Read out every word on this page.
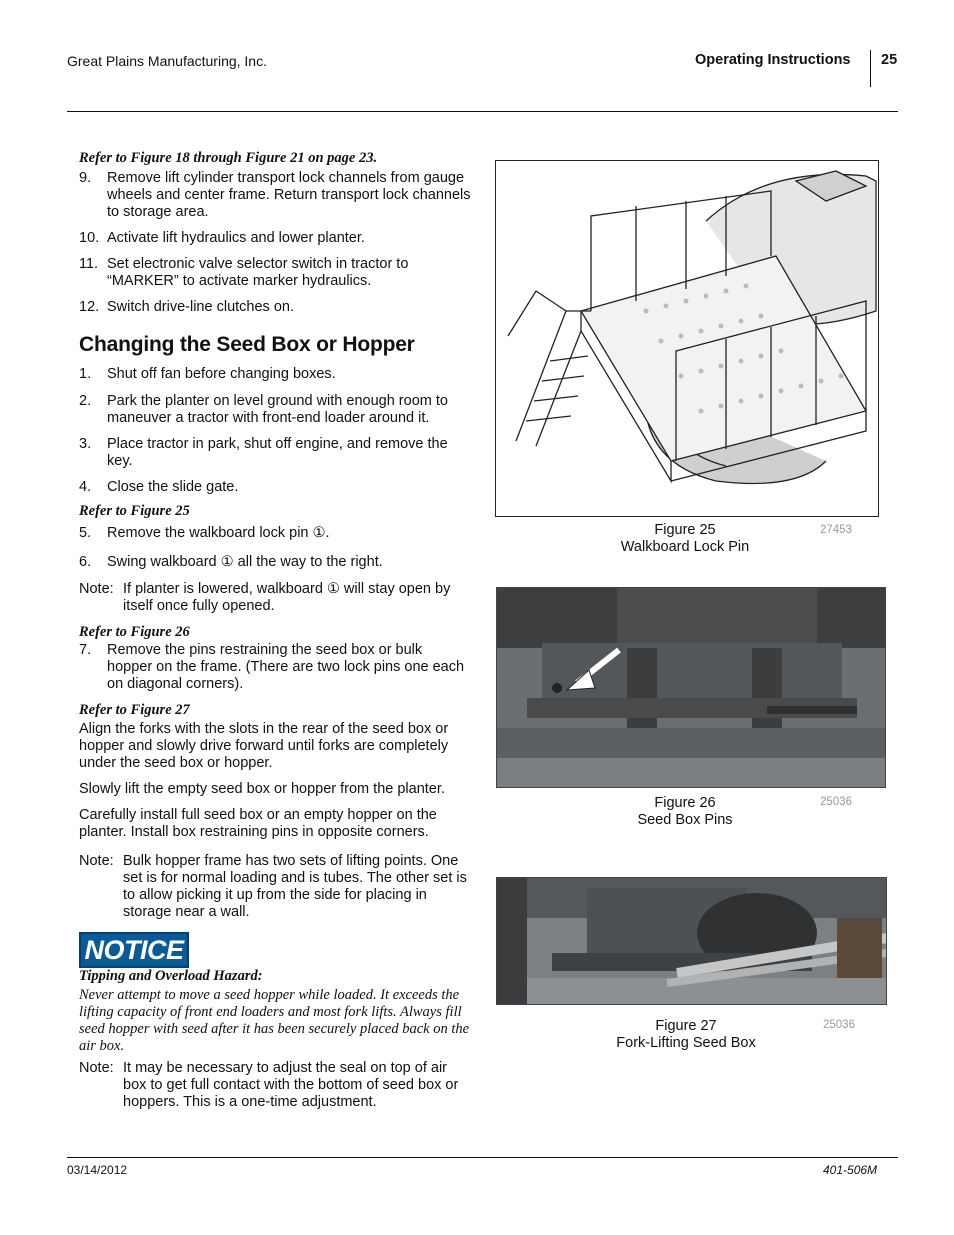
Great Plains Manufacturing, Inc.	Operating Instructions 25
Refer to Figure 18 through Figure 21 on page 23.
9.	Remove lift cylinder transport lock channels from gauge wheels and center frame. Return transport lock channels to storage area.
10. Activate lift hydraulics and lower planter.
11. Set electronic valve selector switch in tractor to “MARKER” to activate marker hydraulics.
12. Switch drive-line clutches on.
Changing the Seed Box or Hopper
1.	Shut off fan before changing boxes.
2.	Park the planter on level ground with enough room to maneuver a tractor with front-end loader around it.
3.	Place tractor in park, shut off engine, and remove the key.
4.	Close the slide gate.
Refer to Figure 25
5.	Remove the walkboard lock pin ①.
6.	Swing walkboard ① all the way to the right.
Note: If planter is lowered, walkboard ① will stay open by itself once fully opened.
Refer to Figure 26
7.	Remove the pins restraining the seed box or bulk hopper on the frame. (There are two lock pins one each on diagonal corners).
Refer to Figure 27
Align the forks with the slots in the rear of the seed box or hopper and slowly drive forward until forks are completely under the seed box or hopper.
Slowly lift the empty seed box or hopper from the planter.
Carefully install full seed box or an empty hopper on the planter. Install box restraining pins in opposite corners.
Note: Bulk hopper frame has two sets of lifting points. One set is for normal loading and is tubes. The other set is to allow picking it up from the side for placing in storage near a wall.
NOTICE
Tipping and Overload Hazard:
Never attempt to move a seed hopper while loaded. It exceeds the lifting capacity of front end loaders and most fork lifts. Always fill seed hopper with seed after it has been securely placed back on the air box.
Note: It may be necessary to adjust the seal on top of air box to get full contact with the bottom of seed box or hoppers. This is a one-time adjustment.
Figure 25
Walkboard Lock Pin
27453
Figure 26
Seed Box Pins
25036
Figure 27
Fork-Lifting Seed Box
25036
03/14/2012	401-506M
